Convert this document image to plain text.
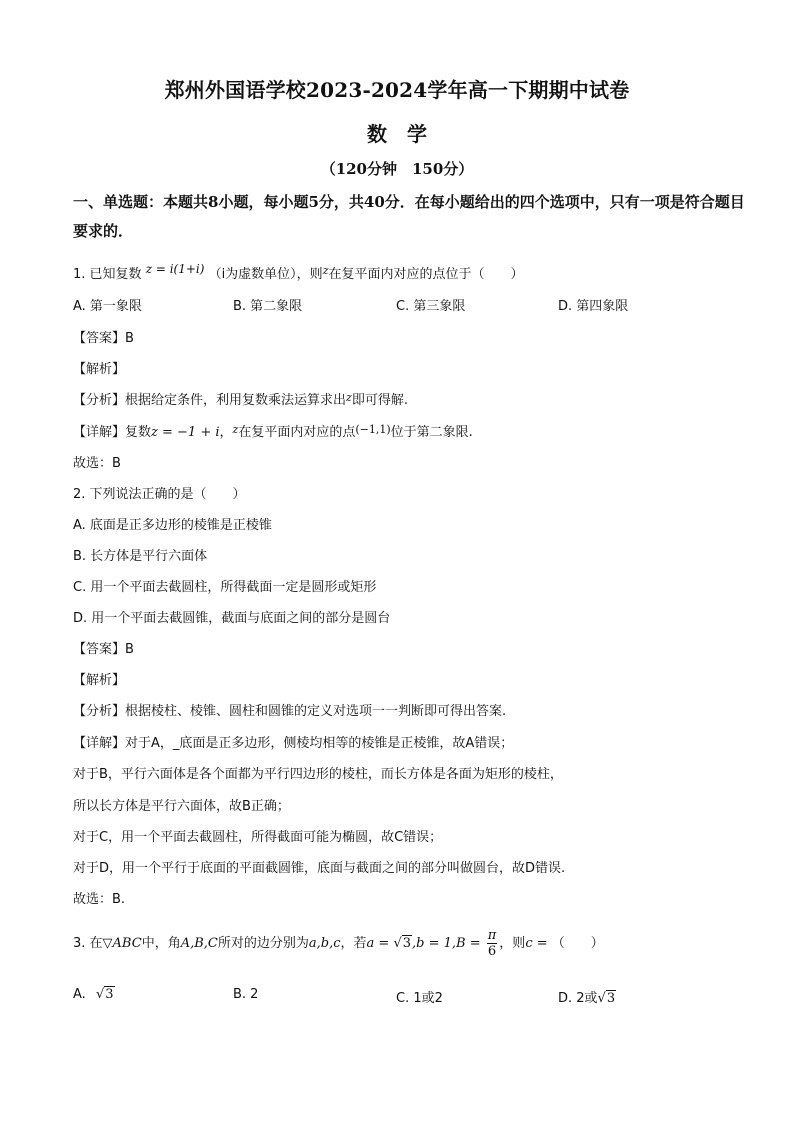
郑州外国语学校2023-2024学年高一下期期中试卷
数　学
（120分钟　150分）
一、单选题：本题共8小题，每小题5分，共40分．在每小题给出的四个选项中，只有一项是符合题目要求的．
1. 已知复数 z = i(1+i) （i为虚数单位），则$^z$在复平面内对应的点位于（　　）
A. 第一象限	B. 第二象限	C. 第三象限	D. 第四象限
【答案】B
【解析】
【分析】根据给定条件，利用复数乘法运算求出$^z$即可得解.
【详解】复数z = −1 + i，$^z$在复平面内对应的点$^{(-1,1)}$位于第二象限.
故选：B
2. 下列说法正确的是（　　）
A. 底面是正多边形的棱锥是正棱锥
B. 长方体是平行六面体
C. 用一个平面去截圆柱，所得截面一定是圆形或矩形
D. 用一个平面去截圆锥，截面与底面之间的部分是圆台
【答案】B
【解析】
【分析】根据棱柱、棱锥、圆柱和圆锥的定义对选项一一判断即可得出答案.
【详解】对于A，_底面是正多边形，侧棱均相等的棱锥是正棱锥，故A错误；
对于B，平行六面体是各个面都为平行四边形的棱柱，而长方体是各面为矩形的棱柱，
所以长方体是平行六面体，故B正确；
对于C，用一个平面去截圆柱，所得截面可能为椭圆，故C错误；
对于D，用一个平行于底面的平面截圆锥，底面与截面之间的部分叫做圆台，故D错误.
故选：B.
3. 在▽ABC中，角A,B,C所对的边分别为a,b,c，若$a = √3,b = 1,B = \frac{\pi}{6}$ ，则c = （　　）
A. √3	B. 2	C. 1或2	D. 2或√3
